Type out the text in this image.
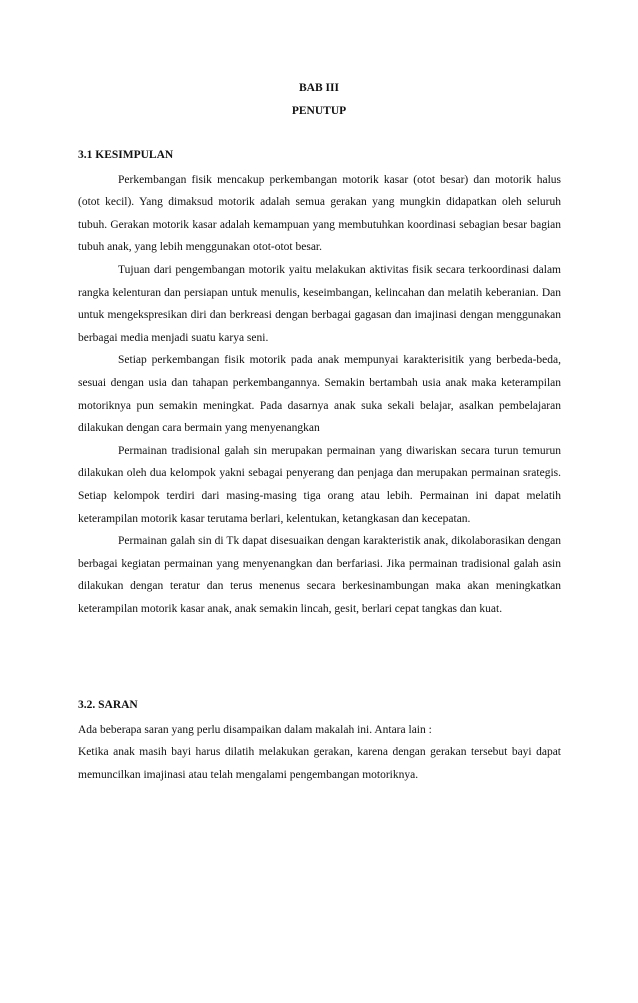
BAB III
PENUTUP
3.1 KESIMPULAN

Perkembangan fisik mencakup perkembangan motorik kasar (otot besar) dan motorik halus (otot kecil). Yang dimaksud motorik adalah semua gerakan yang mungkin didapatkan oleh seluruh tubuh. Gerakan motorik kasar adalah kemampuan yang membutuhkan koordinasi sebagian besar bagian tubuh anak, yang lebih menggunakan otot-otot besar.

Tujuan dari pengembangan motorik yaitu melakukan aktivitas fisik secara terkoordinasi dalam rangka kelenturan dan persiapan untuk menulis, keseimbangan, kelincahan dan melatih keberanian. Dan untuk mengekspresikan diri dan berkreasi dengan berbagai gagasan dan imajinasi dengan menggunakan berbagai media menjadi suatu karya seni.

Setiap perkembangan fisik motorik pada anak mempunyai karakterisitik yang berbeda-beda, sesuai dengan usia dan tahapan perkembangannya. Semakin bertambah usia anak maka keterampilan motoriknya pun semakin meningkat. Pada dasarnya anak suka sekali belajar, asalkan pembelajaran dilakukan dengan cara bermain yang menyenangkan

Permainan tradisional galah sin merupakan permainan yang diwariskan secara turun temurun dilakukan oleh dua kelompok yakni sebagai penyerang dan penjaga dan merupakan permainan srategis. Setiap kelompok terdiri dari masing-masing tiga orang atau lebih. Permainan ini dapat melatih keterampilan motorik kasar terutama berlari, kelentukan, ketangkasan dan kecepatan.

Permainan galah sin di Tk dapat disesuaikan dengan karakteristik anak, dikolaborasikan dengan berbagai kegiatan permainan yang menyenangkan dan berfariasi. Jika permainan tradisional galah asin dilakukan dengan teratur dan terus menenus secara berkesinambungan maka akan meningkatkan keterampilan motorik kasar anak, anak semakin lincah, gesit, berlari cepat tangkas dan kuat.

3.2. SARAN

Ada beberapa saran yang perlu disampaikan dalam makalah ini. Antara lain :

Ketika anak masih bayi harus dilatih melakukan gerakan, karena dengan gerakan tersebut bayi dapat memuncilkan imajinasi atau telah mengalami pengembangan motoriknya.
